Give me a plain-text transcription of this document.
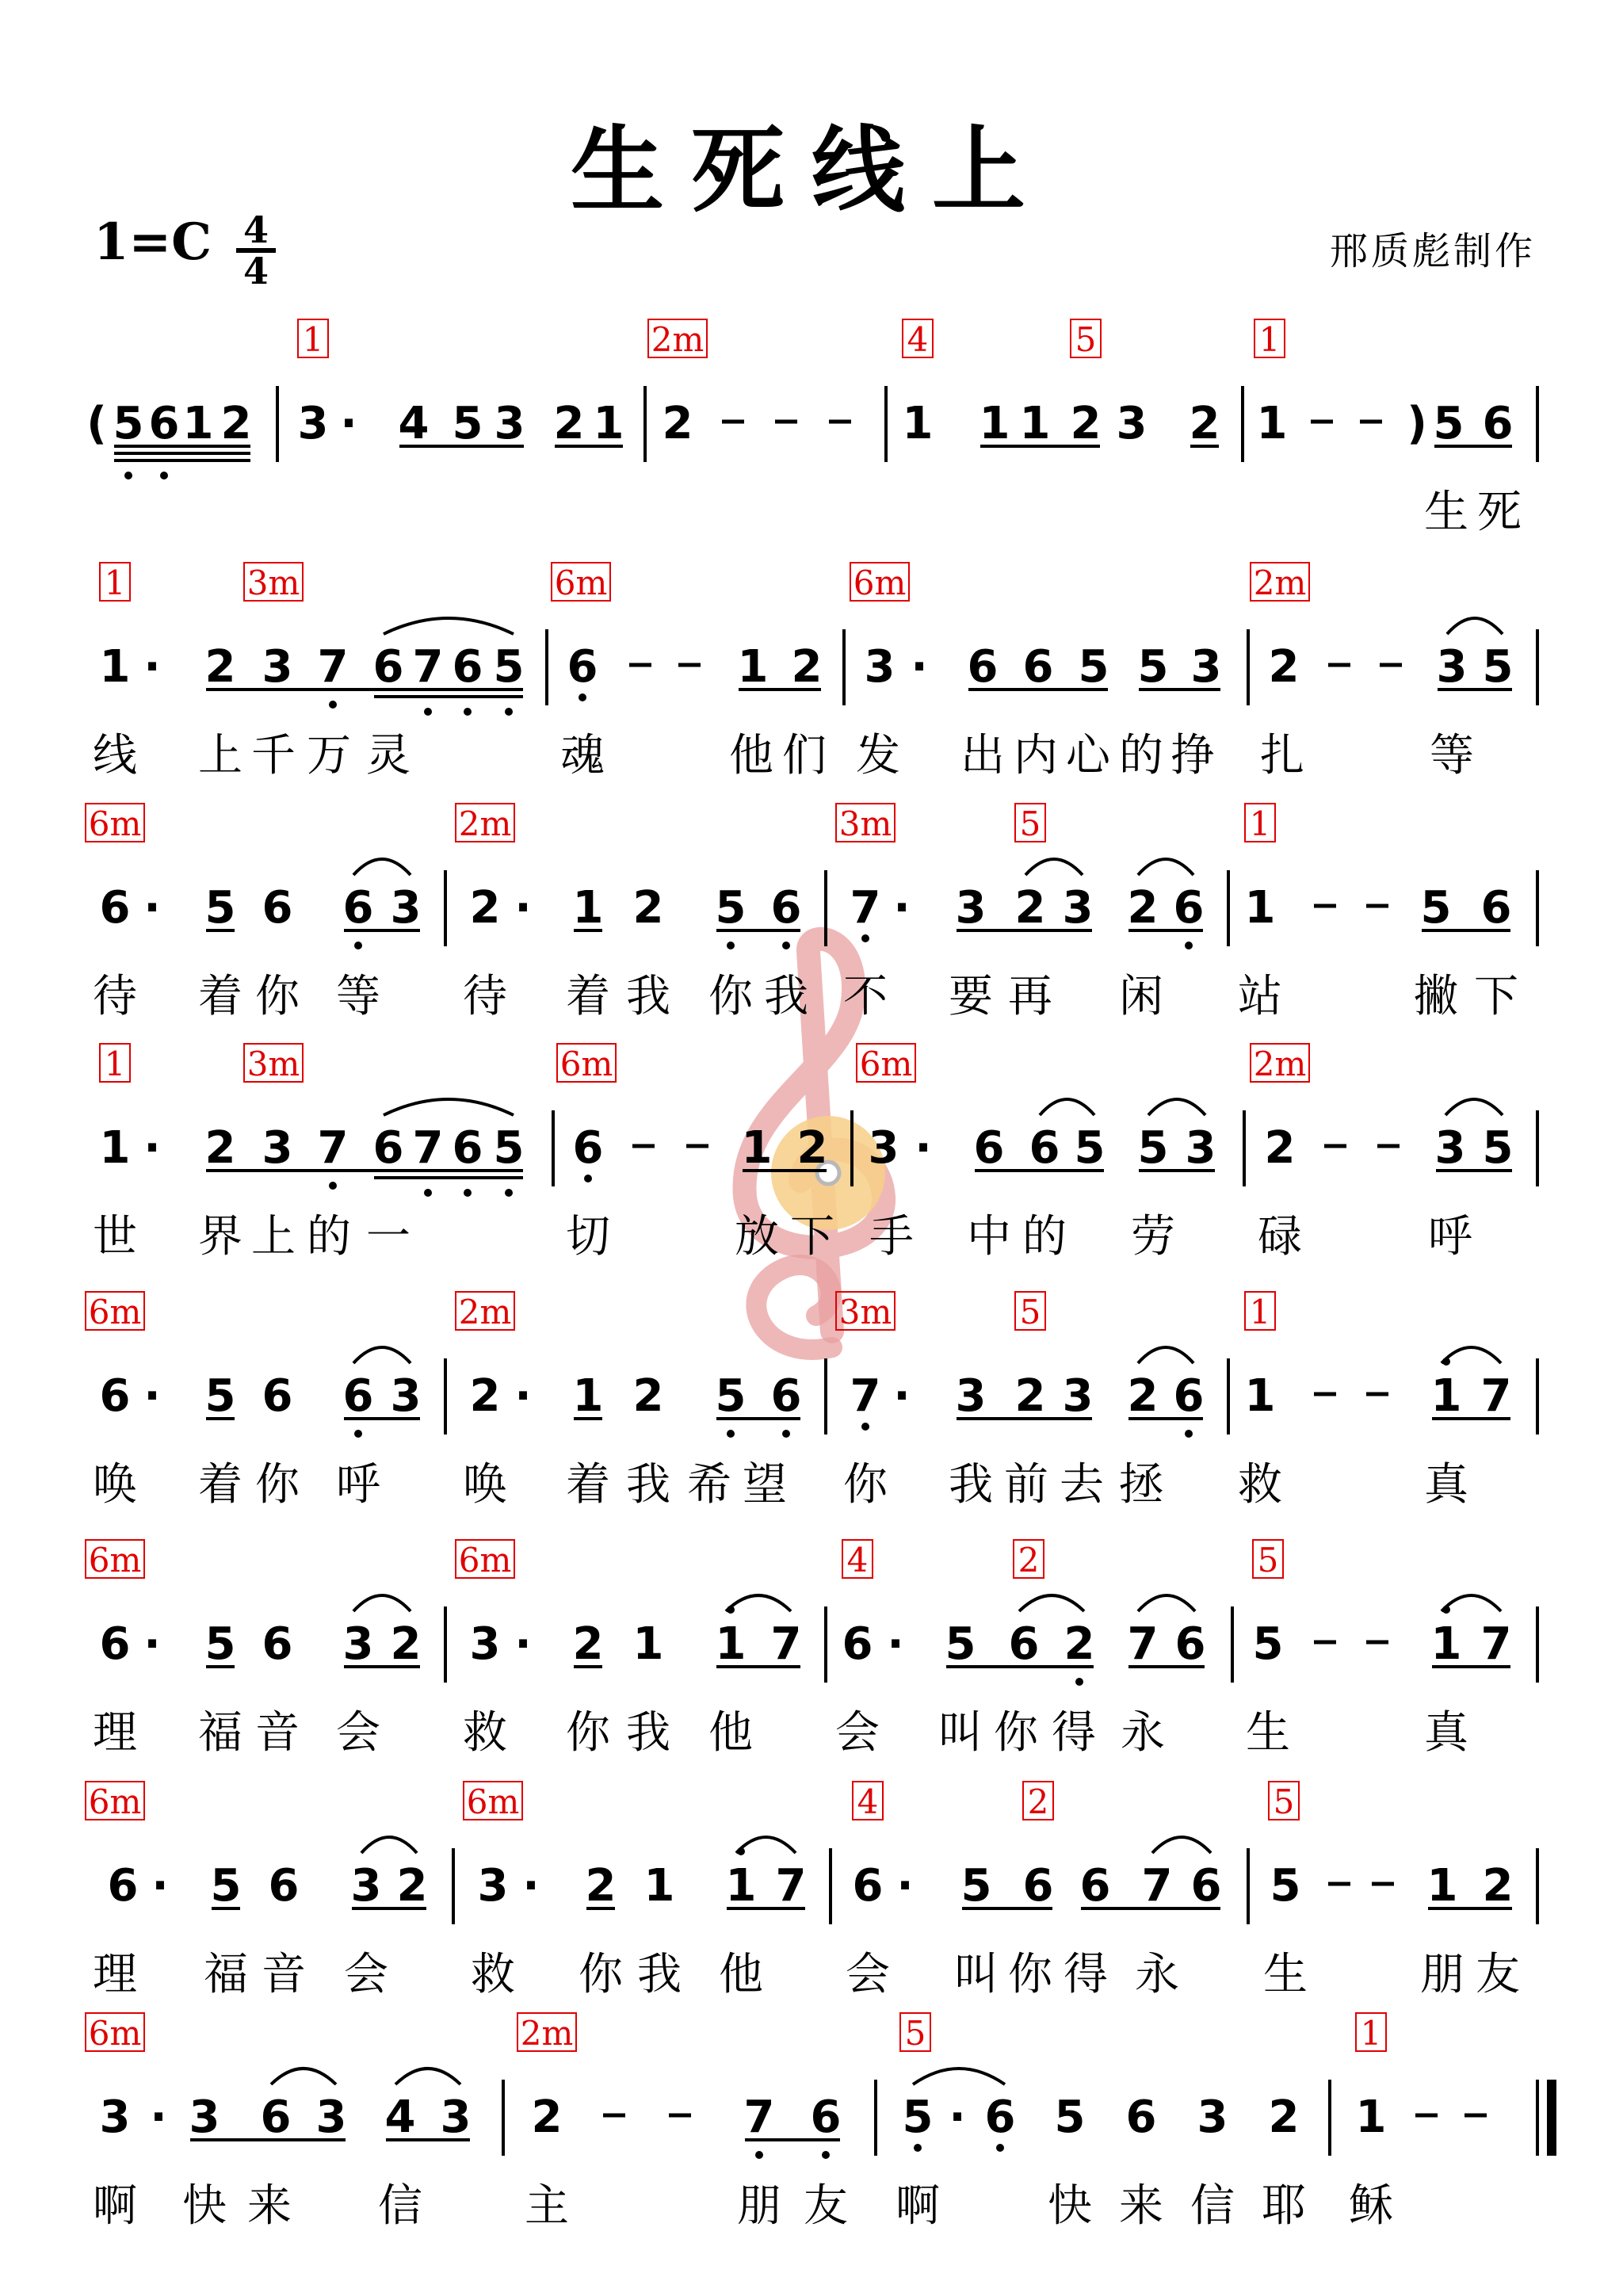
生死线上
1=C 4
4	邢质彪制作
1	2m	4	5	1
( 5 6 1 2 3 · 4 5 3 2 1 2	1 1 1 2 3 2 1	) 5 6
生 死
1	3m	6m	6m	2m
1 · 2 3 7 6 7 6 5 6	1 2 3 · 6 6 5 5 3 2	3 5
线 上 千 万 灵	魂	他 们 发 出 内 心 的 挣 扎	等
6m	2m	3m	5	1
6 · 5 6 6 3 2 · 1 2 5 6 7 · 3 2 3 2 6 1	5 6
待 着 你 等 待 着 我 你 我 不 要 再 闲 站	撇 下
1	3m	6m	6m	2m
1 · 2 3 7 6 7 6 5 6	1 2 3 · 6 6 5 5 3 2	3 5
世 界 上 的 一	切	放 下 手 中 的 劳 碌	呼
6m	2m	3m	5	1
6 · 5 6 6 3 2 · 1 2 5 6 7 · 3 2 3 2 6 1	1 7
唤 着 你 呼 唤 着 我 希 望 你 我 前 去 拯 救	真
6m	6m	4	2	5
6 · 5 6 3 2 3 · 2 1 1 7 6 · 5 6 2 7 6 5	1 7
理 福 音 会 救 你 我 他 会 叫 你 得 永 生	真
6m	6m	4	2	5
6 · 5 6 3 2 3 · 2 1 1 7 6 · 5 6 6 7 6 5	1 2
理 福 音 会 救 你 我 他 会 叫 你 得 永 生	朋 友
6m	2m	5	1
3 · 3 6 3 4 3 2	7 6 5 · 6 5 6 3 2 1
啊 快 来 信 主	朋 友 啊 快 来 信 耶 稣
